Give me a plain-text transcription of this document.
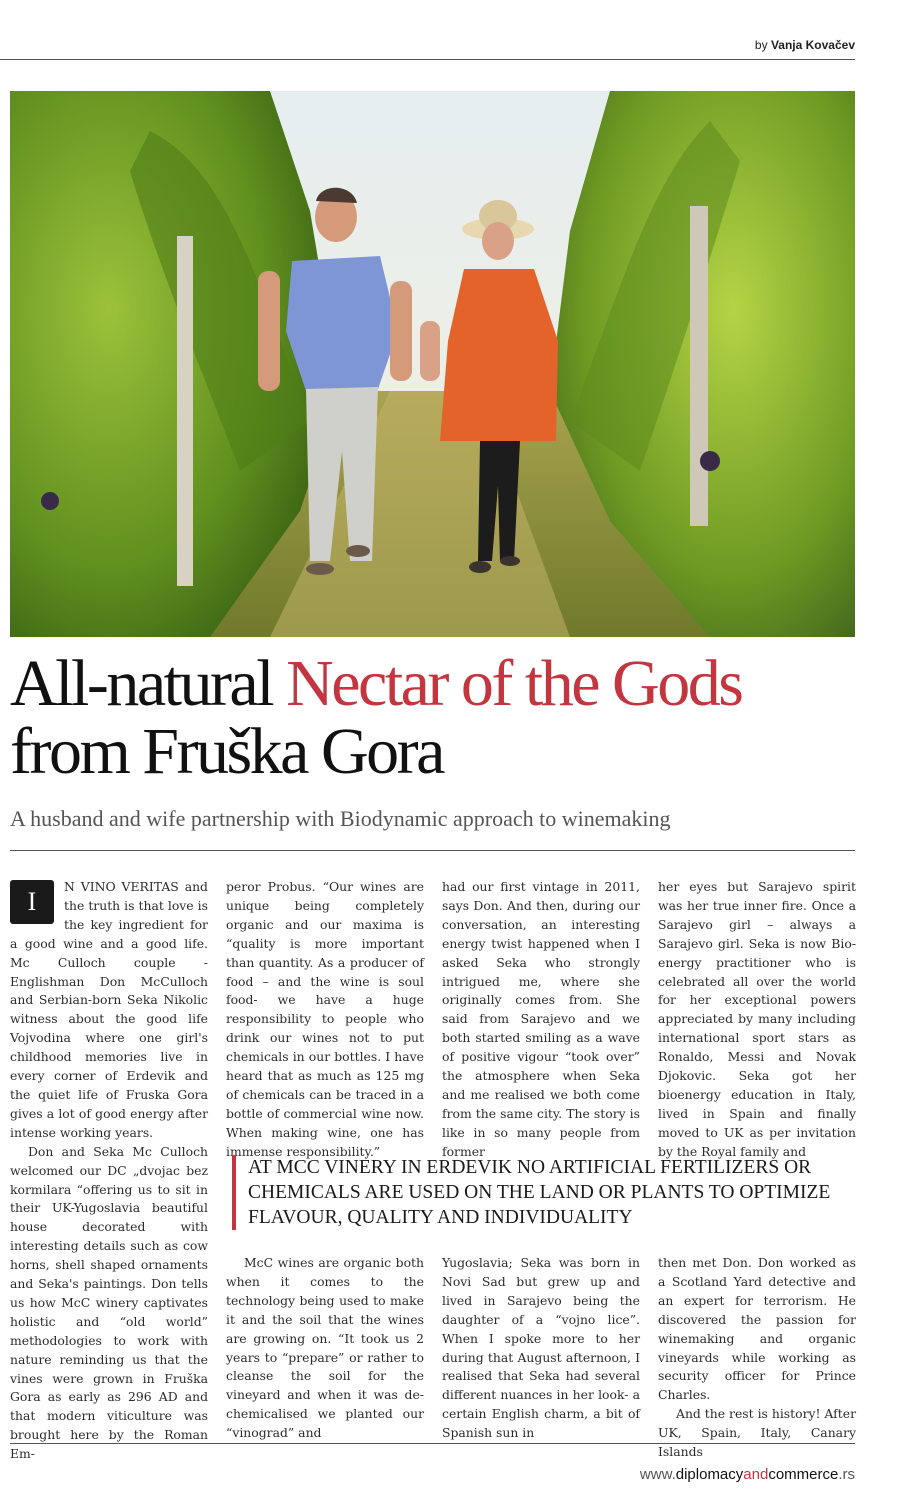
by Vanja Kovačev
All-natural Nectar of the Gods
from Fruška Gora

A husband and wife partnership with Biodynamic approach to winemaking

I

N VINO VERITAS and the truth is that love is the key ingredient for a good wine and a good life. Mc Culloch couple - Englishman Don McCulloch and Serbian-born Seka Nikolic witness about the good life Vojvodina where one girl's childhood memories live in every corner of Erdevik and the quiet life of Fruska Gora gives a lot of good energy after intense working years.

Don and Seka Mc Culloch welcomed our DC „dvojac bez kormilara “offering us to sit in their UK-Yugoslavia beautiful house decorated with interesting details such as cow horns, shell shaped ornaments and Seka's paintings. Don tells us how McC winery captivates holistic and “old world” methodologies to work with nature reminding us that the vines were grown in Fruška Gora as early as 296 AD and that modern viticulture was brought here by the Roman Em-

peror Probus. “Our wines are unique being completely organic and our maxima is “quality is more important than quantity. As a producer of food – and the wine is soul food- we have a huge responsibility to people who drink our wines not to put chemicals in our bottles. I have heard that as much as 125 mg of chemicals can be traced in a bottle of commercial wine now. When making wine, one has immense responsibility.”

had our first vintage in 2011, says Don. And then, during our conversation, an interesting energy twist happened when I asked Seka who strongly intrigued me, where she originally comes from. She said from Sarajevo and we both started smiling as a wave of positive vigour “took over” the atmosphere when Seka and me realised we both come from the same city. The story is like in so many people from former

her eyes but Sarajevo spirit was her true inner fire. Once a Sarajevo girl – always a Sarajevo girl. Seka is now Bio-energy practitioner who is celebrated all over the world for her exceptional powers appreciated by many including international sport stars as Ronaldo, Messi and Novak Djokovic. Seka got her bioenergy education in Italy, lived in Spain and finally moved to UK as per invitation by the Royal family and

AT MCC VINERY IN ERDEVIK NO ARTIFICIAL FERTILIZERS OR CHEMICALS ARE USED ON THE LAND OR PLANTS TO OPTIMIZE FLAVOUR, QUALITY AND INDIVIDUALITY

McC wines are organic both when it comes to the technology being used to make it and the soil that the wines are growing on. “It took us 2 years to “prepare” or rather to cleanse the soil for the vineyard and when it was de-chemicalised we planted our “vinograd” and

Yugoslavia; Seka was born in Novi Sad but grew up and lived in Sarajevo being the daughter of a “vojno lice”. When I spoke more to her during that August afternoon, I realised that Seka had several different nuances in her look- a certain English charm, a bit of Spanish sun in

then met Don. Don worked as a Scotland Yard detective and an expert for terrorism. He discovered the passion for winemaking and organic vineyards while working as security officer for Prince Charles.

And the rest is history! After UK, Spain, Italy, Canary Islands

www.diplomacyandcommerce.rs
